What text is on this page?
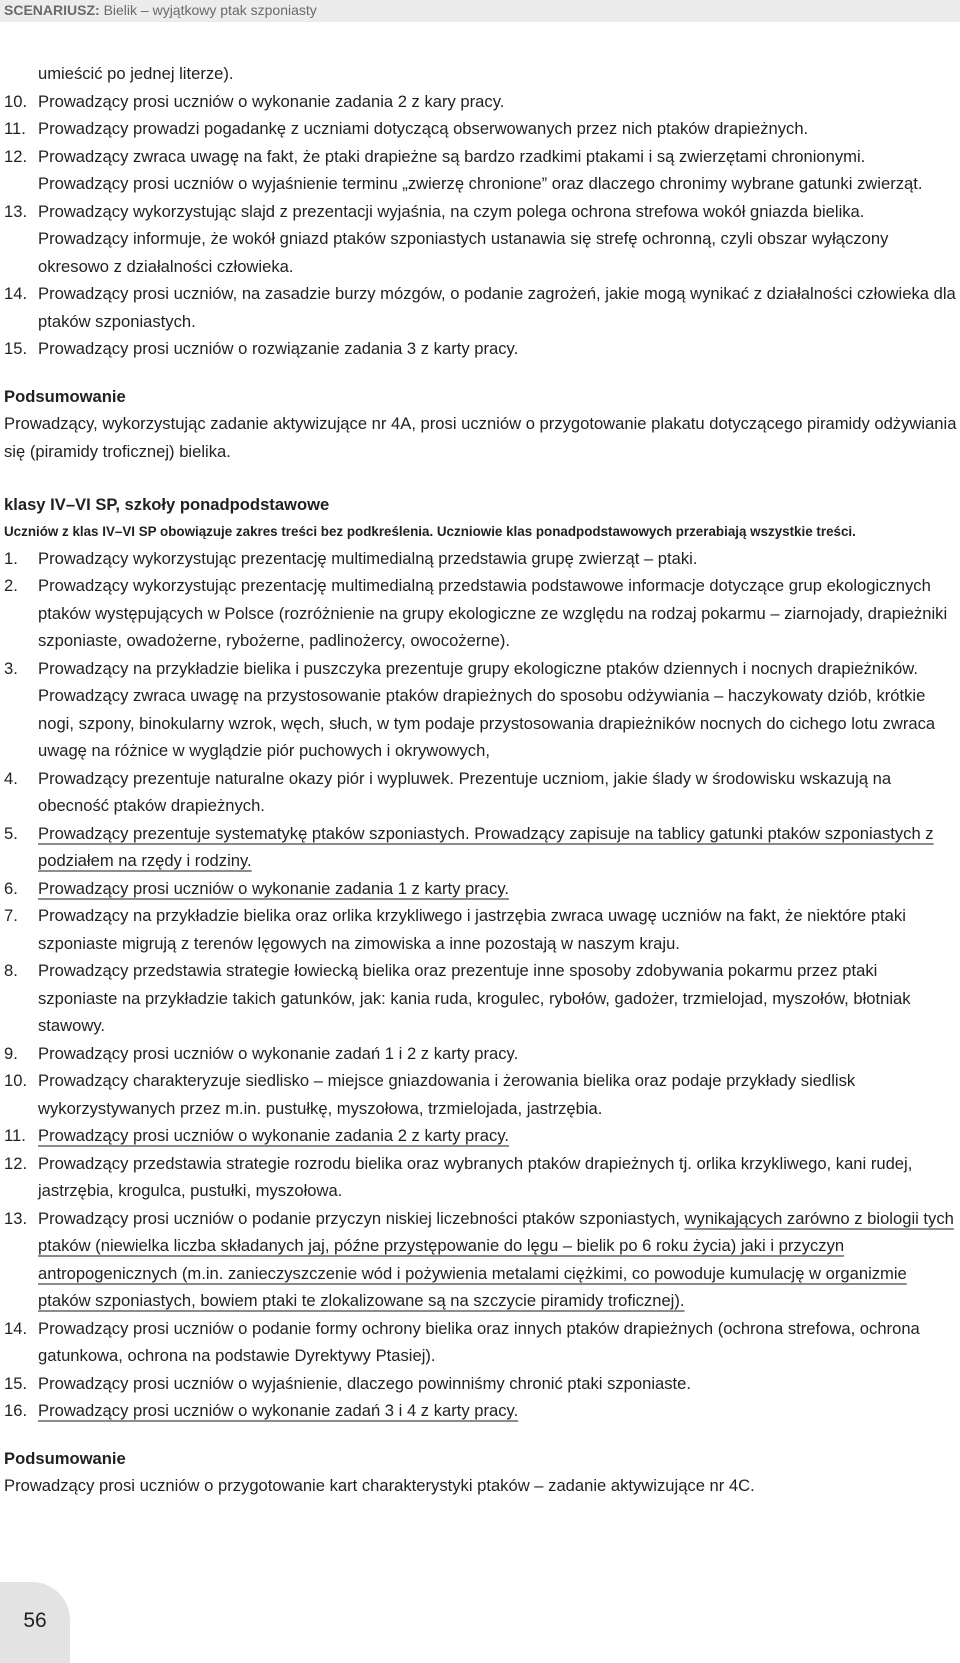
SCENARIUSZ: Bielik – wyjątkowy ptak szponiasty
umieścić po jednej literze).
10. Prowadzący prosi uczniów o wykonanie zadania 2 z kary pracy.
11. Prowadzący prowadzi pogadankę z uczniami dotyczącą obserwowanych przez nich ptaków drapieżnych.
12. Prowadzący zwraca uwagę na fakt, że ptaki drapieżne są bardzo rzadkimi ptakami i są zwierzętami chronionymi. Prowadzący prosi uczniów o wyjaśnienie terminu „zwierzę chronione” oraz dlaczego chronimy wybrane gatunki zwierząt.
13. Prowadzący wykorzystując slajd z prezentacji wyjaśnia, na czym polega ochrona strefowa wokół gniazda bielika. Prowadzący informuje, że wokół gniazd ptaków szponiastych ustanawia się strefę ochronną, czyli obszar wyłączony okresowo z działalności człowieka.
14. Prowadzący prosi uczniów, na zasadzie burzy mózgów, o podanie zagrożeń, jakie mogą wynikać z działalności człowieka dla ptaków szponiastych.
15. Prowadzący prosi uczniów o rozwiązanie zadania 3 z karty pracy.
Podsumowanie
Prowadzący, wykorzystując zadanie aktywizujące nr 4A, prosi uczniów o przygotowanie plakatu dotyczącego piramidy odżywiania się (piramidy troficznej) bielika.
klasy IV–VI SP, szkoły ponadpodstawowe
Uczniów z klas IV–VI SP obowiązuje zakres treści bez podkreślenia. Uczniowie klas ponadpodstawowych przerabiają wszystkie treści.
1.	Prowadzący wykorzystując prezentację multimedialną przedstawia grupę zwierząt – ptaki.
2.	Prowadzący wykorzystując prezentację multimedialną przedstawia podstawowe informacje dotyczące grup ekologicznych ptaków występujących w Polsce (rozróżnienie na grupy ekologiczne ze względu na rodzaj pokarmu – ziarnojady, drapieżniki szponiaste, owadożerne, rybożerne, padlinożercy, owocożerne).
3.	Prowadzący na przykładzie bielika i puszczyka prezentuje grupy ekologiczne ptaków dziennych i nocnych drapieżników. Prowadzący zwraca uwagę na przystosowanie ptaków drapieżnych do sposobu odżywiania – haczykowaty dziób, krótkie nogi, szpony, binokularny wzrok, węch, słuch, w tym podaje przystosowania drapieżników nocnych do cichego lotu zwraca uwagę na różnice w wyglądzie piór puchowych i okrywowych,
4.	Prowadzący prezentuje naturalne okazy piór i wypluwek. Prezentuje uczniom, jakie ślady w środowisku wskazują na obecność ptaków drapieżnych.
5.	Prowadzący prezentuje systematykę ptaków szponiastych. Prowadzący zapisuje na tablicy gatunki ptaków szponiastych z podziałem na rzędy i rodziny.
6.	Prowadzący prosi uczniów o wykonanie zadania 1 z karty pracy.
7.	Prowadzący na przykładzie bielika oraz orlika krzykliwego i jastrzębia zwraca uwagę uczniów na fakt, że niektóre ptaki szponiaste migrują z terenów lęgowych na zimowiska a inne pozostają w naszym kraju.
8.	Prowadzący przedstawia strategie łowiecką bielika oraz prezentuje inne sposoby zdobywania pokarmu przez ptaki szponiaste na przykładzie takich gatunków, jak: kania ruda, krogulec, rybołów, gadożer, trzmielojad, myszołów, błotniak stawowy.
9.	Prowadzący prosi uczniów o wykonanie zadań 1 i 2 z karty pracy.
10. Prowadzący charakteryzuje siedlisko – miejsce gniazdowania i żerowania bielika oraz podaje przykłady siedlisk wykorzystywanych przez m.in. pustułkę, myszołowa, trzmielojada, jastrzębia.
11. Prowadzący prosi uczniów o wykonanie zadania 2 z karty pracy.
12. Prowadzący przedstawia strategie rozrodu bielika oraz wybranych ptaków drapieżnych tj. orlika krzykliwego, kani rudej, jastrzębia, krogulca, pustułki, myszołowa.
13. Prowadzący prosi uczniów o podanie przyczyn niskiej liczebności ptaków szponiastych, wynikających zarówno z biologii tych ptaków (niewielka liczba składanych jaj, późne przystępowanie do lęgu – bielik po 6 roku życia) jaki i przyczyn antropogenicznych (m.in. zanieczyszczenie wód i pożywienia metalami ciężkimi, co powoduje kumulację w organizmie ptaków szponiastych, bowiem ptaki te zlokalizowane są na szczycie piramidy troficznej).
14. Prowadzący prosi uczniów o podanie formy ochrony bielika oraz innych ptaków drapieżnych (ochrona strefowa, ochrona gatunkowa, ochrona na podstawie Dyrektywy Ptasiej).
15. Prowadzący prosi uczniów o wyjaśnienie, dlaczego powinniśmy chronić ptaki szponiaste.
16. Prowadzący prosi uczniów o wykonanie zadań 3 i 4 z karty pracy.
Podsumowanie
Prowadzący prosi uczniów o przygotowanie kart charakterystyki ptaków – zadanie aktywizujące nr 4C.
56
